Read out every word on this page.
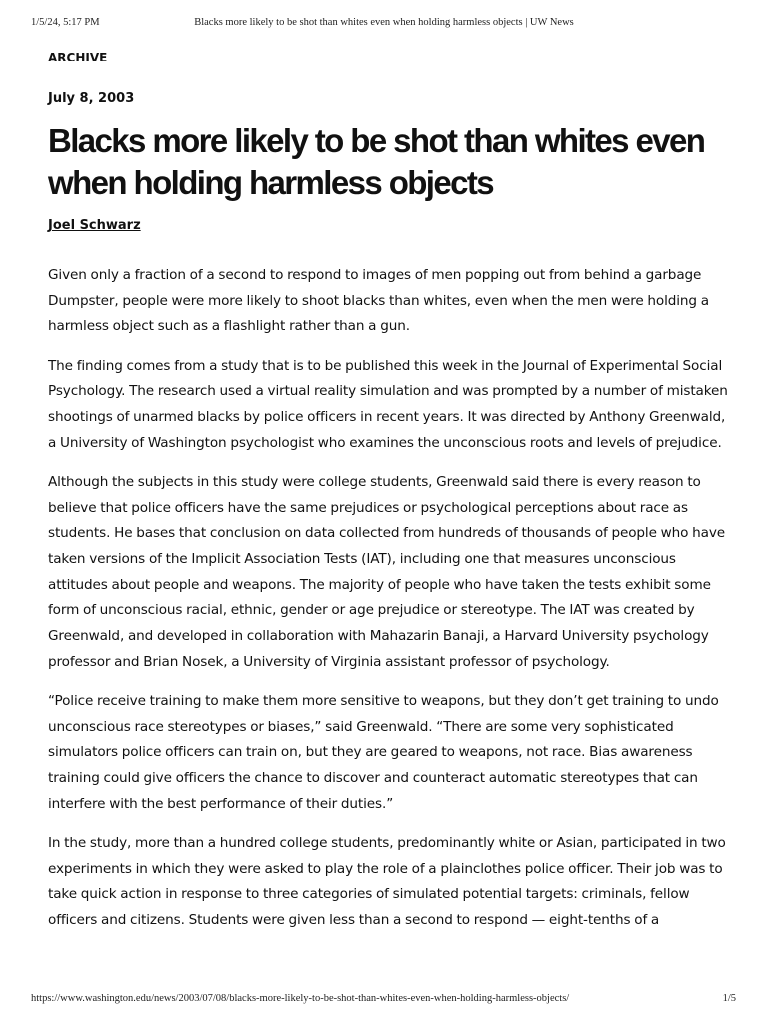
1/5/24, 5:17 PM	Blacks more likely to be shot than whites even when holding harmless objects | UW News
ARCHIVE
July 8, 2003
Blacks more likely to be shot than whites even when holding harmless objects
Joel Schwarz

Given only a fraction of a second to respond to images of men popping out from behind a garbage Dumpster, people were more likely to shoot blacks than whites, even when the men were holding a harmless object such as a flashlight rather than a gun.

The finding comes from a study that is to be published this week in the Journal of Experimental Social Psychology. The research used a virtual reality simulation and was prompted by a number of mistaken shootings of unarmed blacks by police officers in recent years. It was directed by Anthony Greenwald, a University of Washington psychologist who examines the unconscious roots and levels of prejudice.

Although the subjects in this study were college students, Greenwald said there is every reason to believe that police officers have the same prejudices or psychological perceptions about race as students. He bases that conclusion on data collected from hundreds of thousands of people who have taken versions of the Implicit Association Tests (IAT), including one that measures unconscious attitudes about people and weapons. The majority of people who have taken the tests exhibit some form of unconscious racial, ethnic, gender or age prejudice or stereotype. The IAT was created by Greenwald, and developed in collaboration with Mahazarin Banaji, a Harvard University psychology professor and Brian Nosek, a University of Virginia assistant professor of psychology.

“Police receive training to make them more sensitive to weapons, but they don’t get training to undo unconscious race stereotypes or biases,” said Greenwald. “There are some very sophisticated simulators police officers can train on, but they are geared to weapons, not race. Bias awareness training could give officers the chance to discover and counteract automatic stereotypes that can interfere with the best performance of their duties.”

In the study, more than a hundred college students, predominantly white or Asian, participated in two experiments in which they were asked to play the role of a plainclothes police officer. Their job was to take quick action in response to three categories of simulated potential targets: criminals, fellow officers and citizens. Students were given less than a second to respond — eight-tenths of a

https://www.washington.edu/news/2003/07/08/blacks-more-likely-to-be-shot-than-whites-even-when-holding-harmless-objects/	1/5
